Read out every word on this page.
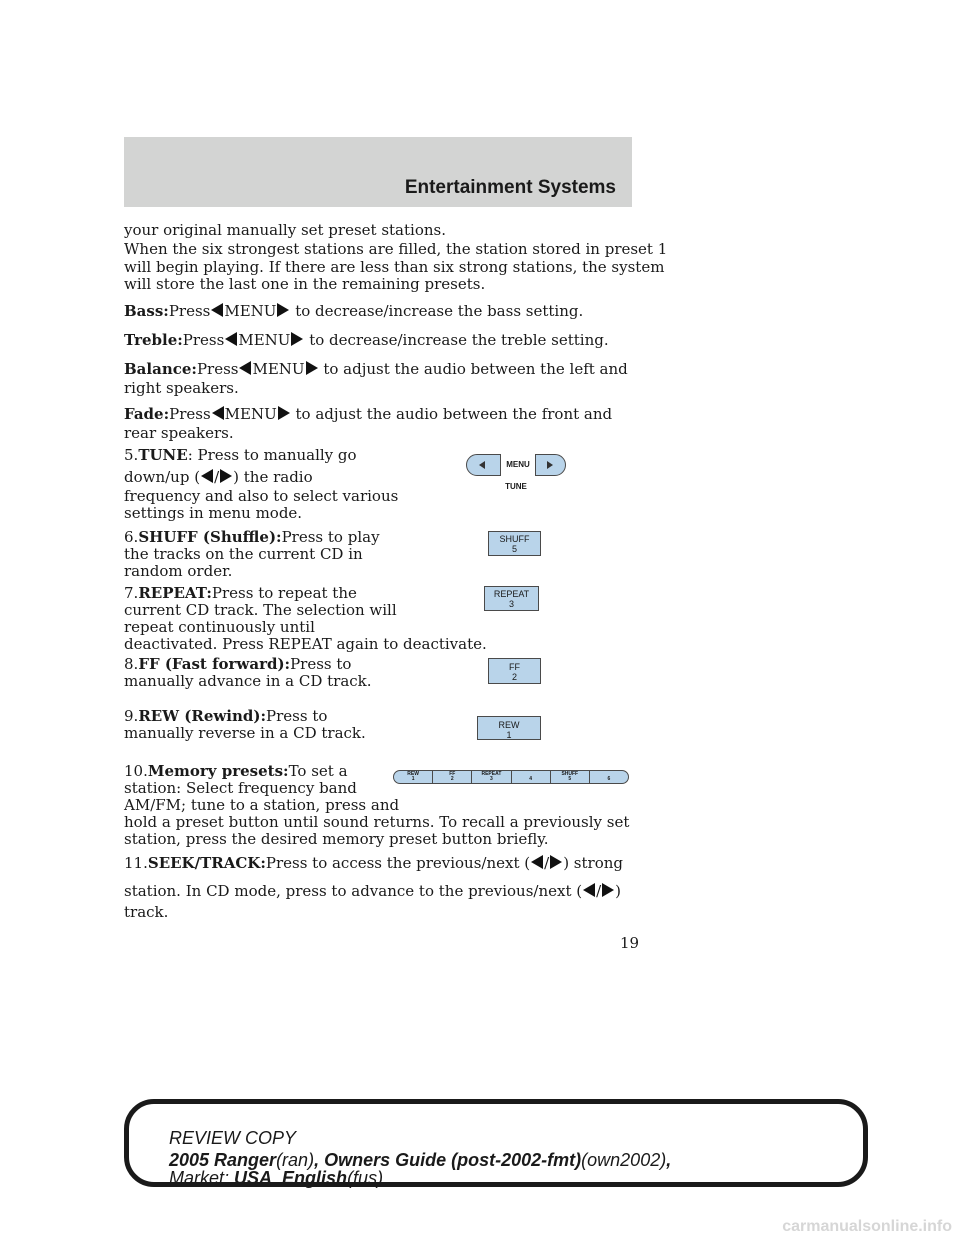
Entertainment Systems
your original manually set preset stations.
When the six strongest stations are filled, the station stored in preset 1
will begin playing. If there are less than six strong stations, the system
will store the last one in the remaining presets.
Bass:Press MENU to decrease/increase the bass setting.
Treble:Press MENU to decrease/increase the treble setting.
Balance:Press MENU to adjust the audio between the left and
right speakers.
Fade:Press MENU to adjust the audio between the front and
rear speakers.
5.TUNE: Press to manually go
down/up ( / ) the radio
frequency and also to select various
settings in menu mode.
MENU
TUNE
6.SHUFF (Shuffle):Press to play
the tracks on the current CD in
random order.
SHUFF
5
7.REPEAT:Press to repeat the
current CD track. The selection will
repeat continuously until
deactivated. Press REPEAT again to deactivate.
REPEAT
3
8.FF (Fast forward):Press to
manually advance in a CD track.
FF
2
9.REW (Rewind):Press to
manually reverse in a CD track.	REW
1
10.Memory presets:To set a
station: Select frequency band
AM/FM; tune to a station, press and
hold a preset button until sound returns. To recall a previously set
station, press the desired memory preset button briefly.
REW
1
FF
2
REPEAT
3	4
SHUFF
5	6
11.SEEK/TRACK:Press to access the previous/next ( / ) strong
station. In CD mode, press to advance to the previous/next ( / )
track.
19
REVIEW COPY
2005 Ranger(ran), Owners Guide (post-2002-fmt)(own2002),
Market: USA_English(fus)
carmanualsonline.info
